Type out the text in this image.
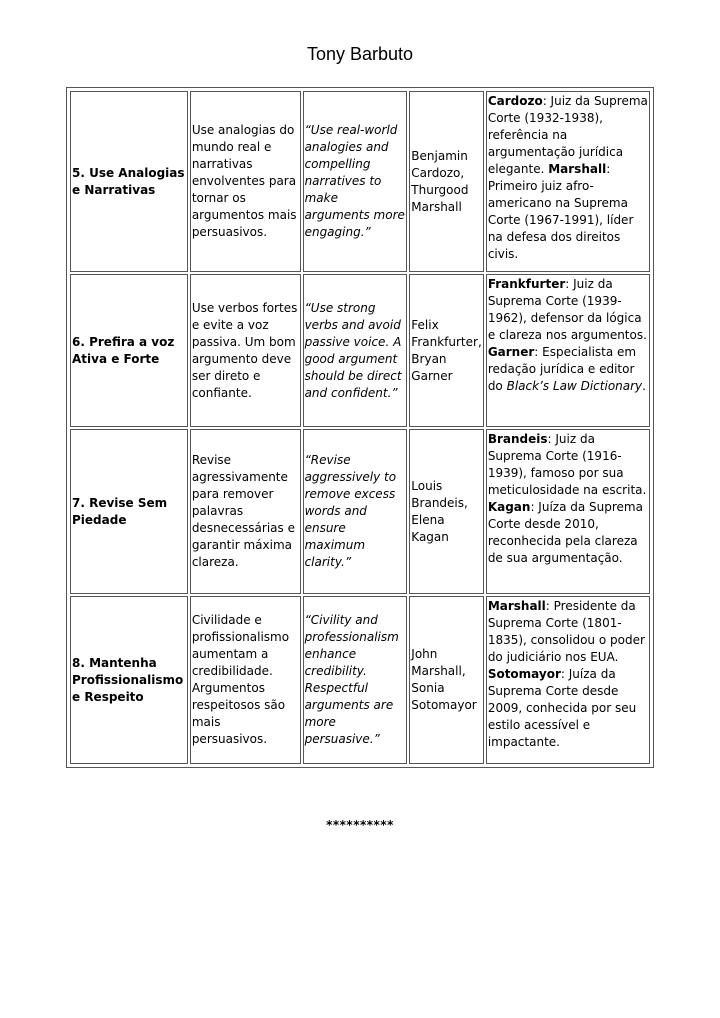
Tony Barbuto
5. Use Analogias e Narrativas	Use analogias do mundo real e narrativas envolventes para tornar os argumentos mais persuasivos.	“Use real-world analogies and compelling narratives to make arguments more engaging.”	Benjamin Cardozo, Thurgood Marshall	Cardozo: Juiz da Suprema Corte (1932-1938), referência na argumentação jurídica elegante. Marshall: Primeiro juiz afro-americano na Suprema Corte (1967-1991), líder na defesa dos direitos civis.
6. Prefira a voz Ativa e Forte	Use verbos fortes e evite a voz passiva. Um bom argumento deve ser direto e confiante.	“Use strong verbs and avoid passive voice. A good argument should be direct and confident.”	Felix Frankfurter, Bryan Garner	Frankfurter: Juiz da Suprema Corte (1939-1962), defensor da lógica e clareza nos argumentos. Garner: Especialista em redação jurídica e editor do Black’s Law Dictionary.
7. Revise Sem Piedade	Revise agressivamente para remover palavras desnecessárias e garantir máxima clareza.	“Revise aggressively to remove excess words and ensure maximum clarity.”	Louis Brandeis, Elena Kagan	Brandeis: Juiz da Suprema Corte (1916-1939), famoso por sua meticulosidade na escrita. Kagan: Juíza da Suprema Corte desde 2010, reconhecida pela clareza de sua argumentação.
8. Mantenha Profissionalismo e Respeito	Civilidade e profissionalismo aumentam a credibilidade. Argumentos respeitosos são mais persuasivos.	“Civility and professionalism enhance credibility. Respectful arguments are more persuasive.”	John Marshall, Sonia Sotomayor	Marshall: Presidente da Suprema Corte (1801-1835), consolidou o poder do judiciário nos EUA. Sotomayor: Juíza da Suprema Corte desde 2009, conhecida por seu estilo acessível e impactante.
**********
